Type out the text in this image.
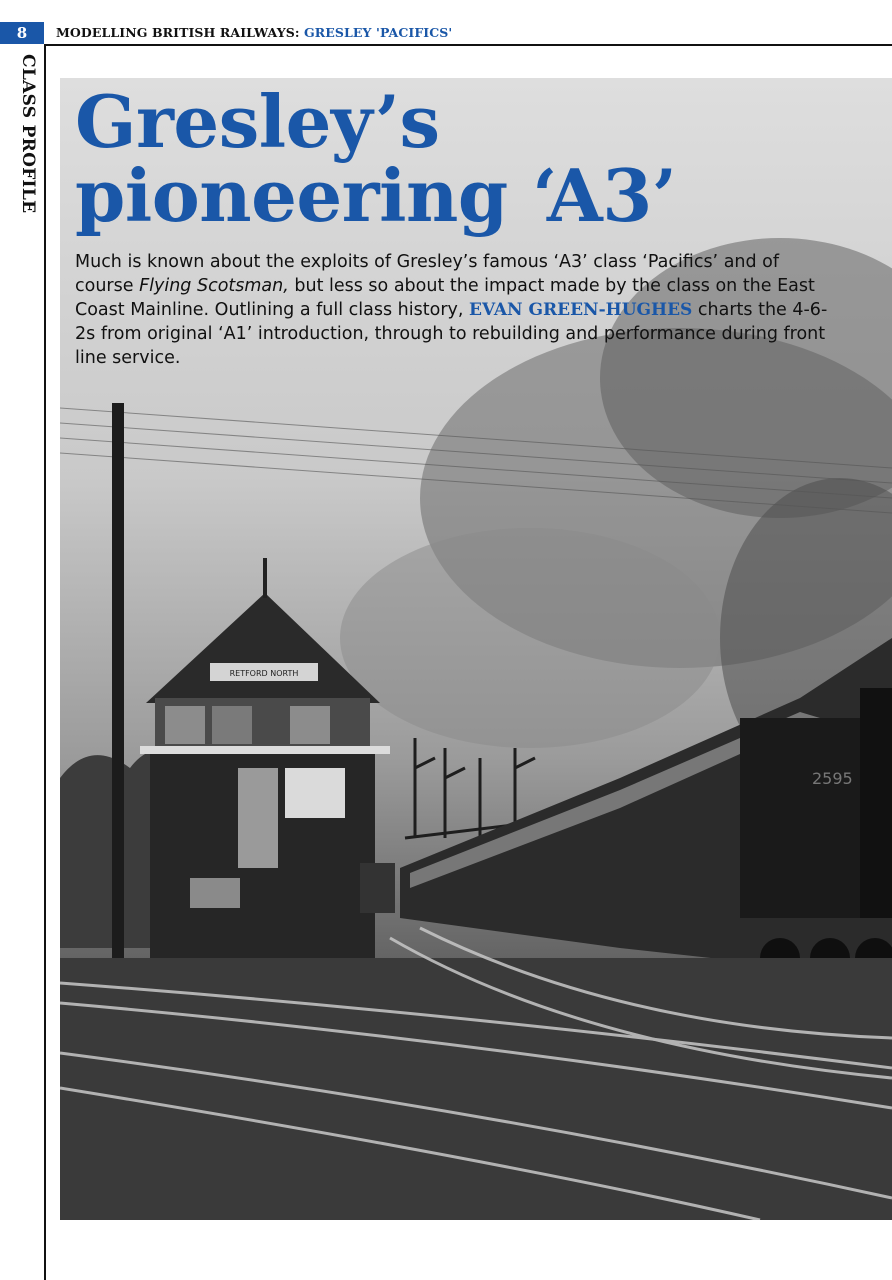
8	MODELLING BRITISH RAILWAYS: GRESLEY 'PACIFICS'
CLASS PROFILE
RETFORD NORTH
2595
Gresley’s
pioneering ‘A3’

Much is known about the exploits of Gresley’s famous ‘A3’ class ‘Pacifics’ and of course Flying Scotsman, but less so about the impact made by the class on the East Coast Mainline. Outlining a full class history, EVAN GREEN-HUGHES charts the 4-6-2s from original ‘A1’ introduction, through to rebuilding and performance during front line service.
